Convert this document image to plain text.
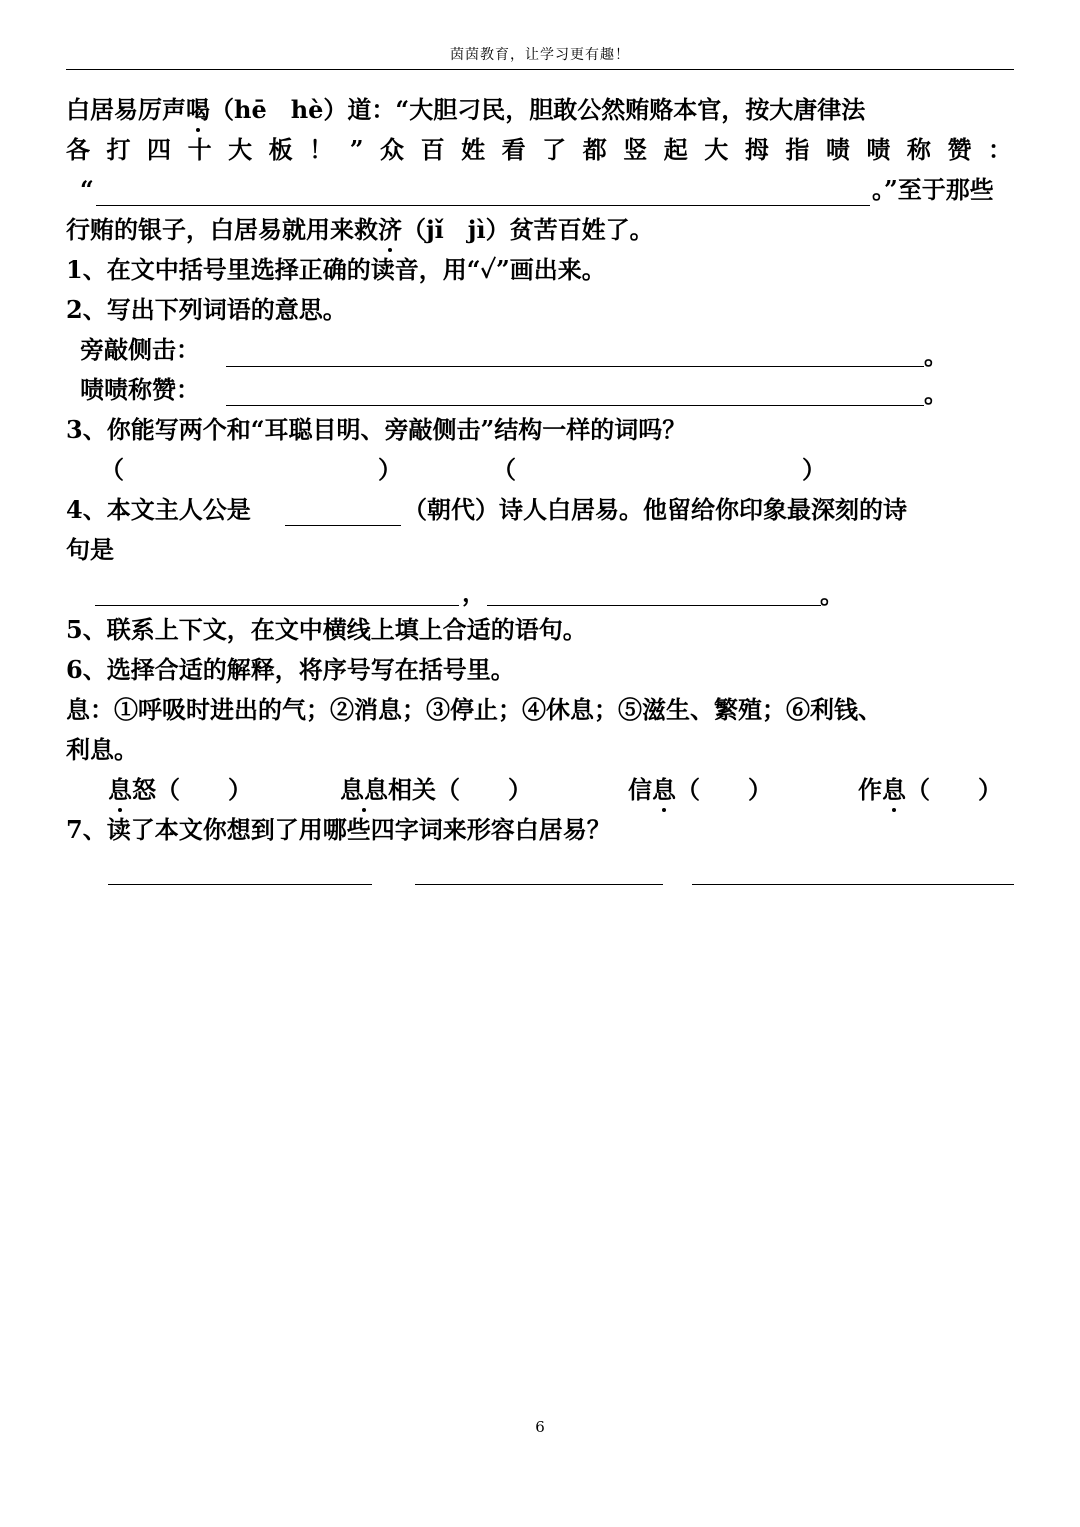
茵茵教育，让学习更有趣！
白居易厉声喝（hē　hè）道：“大胆刁民，胆敢公然贿赂本官，按大唐律法
各打四十大板！”众百姓看了都竖起大拇指啧啧称赞：
“	。”至于那些
行贿的银子，白居易就用来救济（jǐ　jì）贫苦百姓了。
1、在文中括号里选择正确的读音，用“✓”画出来。
2、写出下列词语的意思。
旁敲侧击：	。
啧啧称赞：	。
3、你能写两个和“耳聪目明、旁敲侧击”结构一样的词吗？
（	）	（	）
4、本文主人公是	（朝代）诗人白居易。他留给你印象最深刻的诗
句是
，	。
5、联系上下文，在文中横线上填上合适的语句。
6、选择合适的解释，将序号写在括号里。
息：①呼吸时进出的气；②消息；③停止；④休息；⑤滋生、繁殖；⑥利钱、
利息。
息怒（　　）	息息相关（　　）	信息（　　）	作息（　　）
7、读了本文你想到了用哪些四字词来形容白居易？
6
